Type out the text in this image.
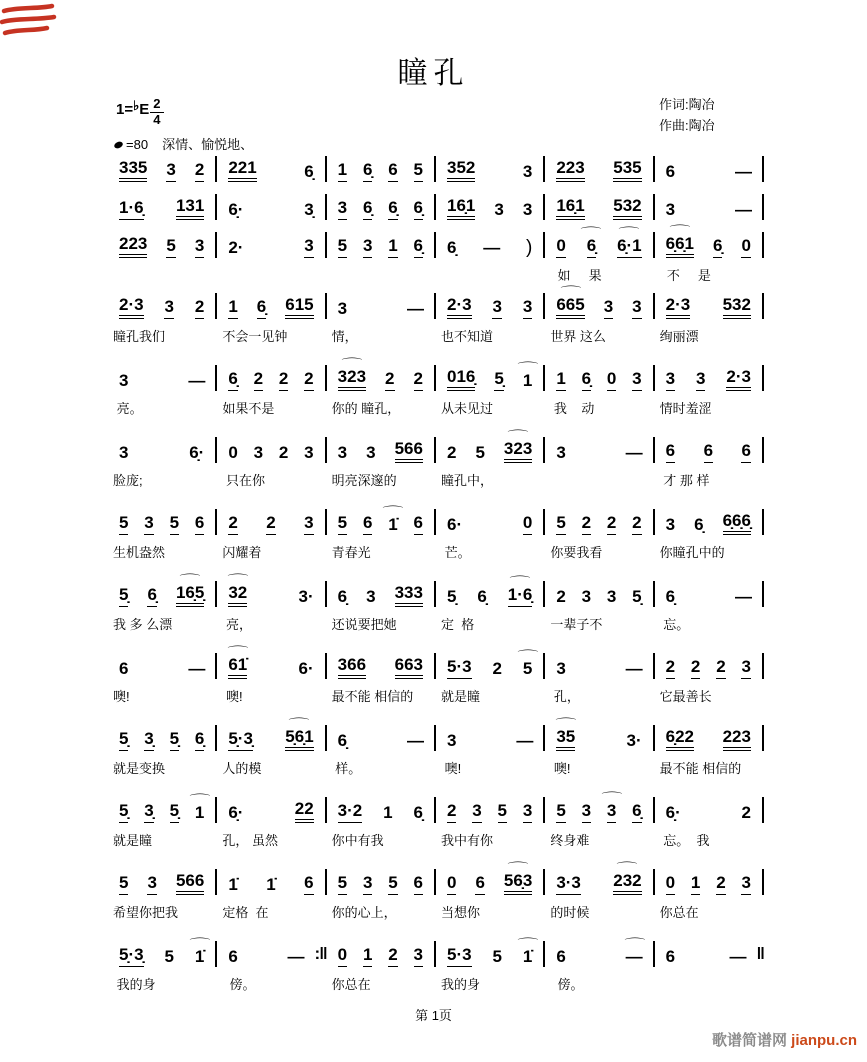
瞳孔
1=♭E $\frac{2}{4}$
=80 深情、愉悦地、
作词:陶冶
作曲:陶冶
335 3 2 221	6̣ 1 6̣ 6 5 352	3 223 535 6	—
1·6̣ 131 6̣·	3̣ 3 6̣ 6̣ 6̣ 16̣1 3 3 16̣1 532 3	—
223 5 3 2·	3 5 3 1 6̣ 6̣ — ) 0 ⌒ 6̣ ⌒ 6̣·1
如     果
⌒ 6̣6̣1 6̣ 0
不     是
2·3 3 2
瞳孔我们
1 6̣ 615
不会一见钟
3	—
情，
2·3 3 3
也不知道
⌒ 665 3 3
世界 这么
2·3 532
绚丽漂
3	—
亮。
6̣ 2 2 2
如果不是
⌒ 323 2 2
你的 瞳孔，
016̣ 5̣ ⌒ 1
从未见过
1 6̣ 0 3
我    动
3 3 2·3
情时羞涩
3	6̣·
脸庞;
0 3 2 3
只在你
3 3 566
明亮深邃的
2 5 ⌒ 323
瞳孔中，
3	— 6 6 6
才 那 样
5 3 5 6
生机盎然
2 2 3
闪耀着
5 6 ⌒ 1̇ 6
青春光
6·	0
芒。
5 2 2 2
你要我看
3 6̣ 6̣6̣6̣
你瞳孔中的
5̣ 6̣ ⌒ 16̣5̣
我 多 么漂
⌒ 32	3·
亮，
6̣ 3 333
还说要把她
5̣ 6̣ ⌒ 1·6̣
定  格
2 3 3 5̣
一辈子不
6̣	—
忘。
6	—
噢!
⌒ 61̇	6·
噢!
366 663
最不能 相信的
5·3 2 ⌒ 5
就是瞳
3	—
孔，
2 2 2 3
它最善长
5̣ 3̣ 5̣ 6̣
就是变换
5̣·3̣ ⌒ 5̣6̣1
人的模
6̣	—
样。
3	—
噢!
⌒ 35	3·
噢!
6̣22 223
最不能 相信的
5̣ 3̣ 5̣ ⌒ 1
就是瞳
6̣·	22
孔， 虽然
3·2 1 6̣
你中有我
2 3 5 3
我中有你
5 3 ⌒ 3 6̣
终身难
6̣·	2
忘。  我
5 3 566
希望你把我
1̇ 1̇ 6
定格  在
5 3 5 6
你的心上，
0 6 ⌒ 56̣3
当想你
3·3 ⌒ 232
的时候
0 1 2 3
你总在
5̣·3̣ 5 ⌒ 1̇
我的身
6	—
傍。
:‖ 0 1 2 3
你总在
5·3 5 ⌒ 1̇
我的身
6	⌒ —
傍。
6	— ‖
第 1页
歌谱简谱网 jianpu.cn
